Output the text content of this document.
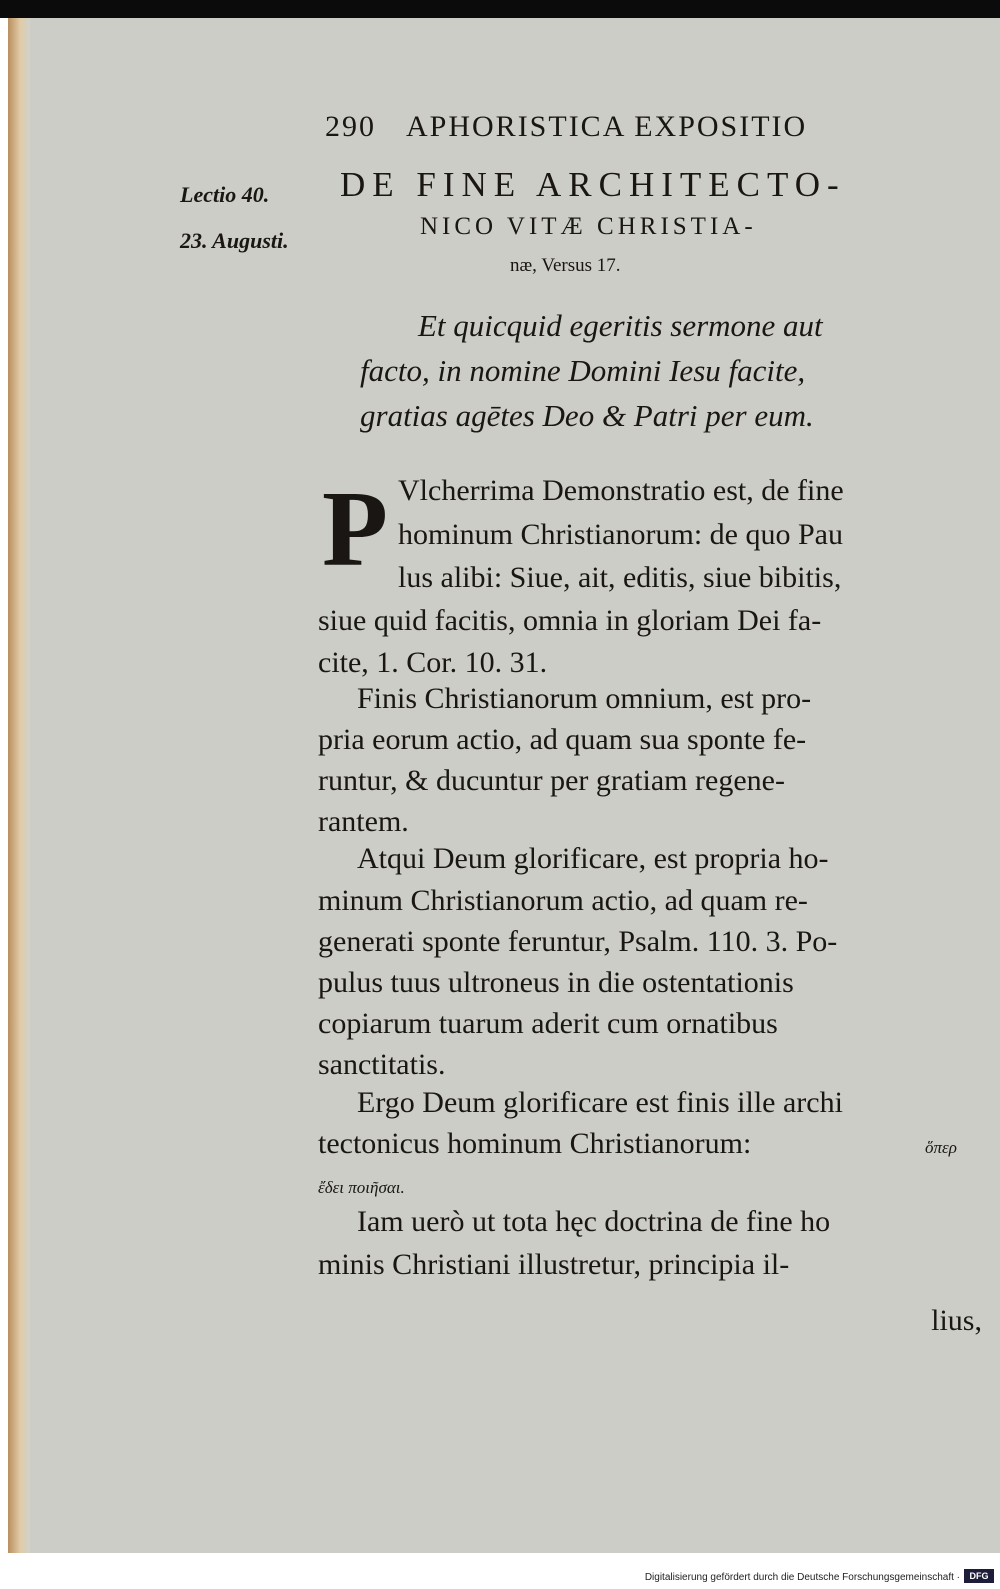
290 APHORISTICA EXPOSITIO
Lectio 40.
23. Augusti.
DE FINE ARCHITECTO-
NICO VITÆ CHRISTIA-
næ, Versus 17.
Et quicquid egeritis sermone aut
facto, in nomine Domini Iesu facite,
gratias agētes Deo & Patri per eum.
P Vlcherrima Demonstratio est, de fine
hominum Christianorum: de quo Pau
lus alibi: Siue, ait, editis, siue bibitis,
siue quid facitis, omnia in gloriam Dei fa-
cite, 1. Cor. 10. 31.
Finis Christianorum omnium, est pro-
pria eorum actio, ad quam sua sponte fe-
runtur, & ducuntur per gratiam regene-
rantem.
Atqui Deum glorificare, est propria ho-
minum Christianorum actio, ad quam re-
generati sponte feruntur, Psalm. 110. 3. Po-
pulus tuus ultroneus in die ostentationis
copiarum tuarum aderit cum ornatibus
sanctitatis.
Ergo Deum glorificare est finis ille archi
tectonicus hominum Christianorum:	ὅπερ
ἔδει ποιῆσαι.
Iam uerò ut tota hęc doctrina de fine ho
minis Christiani illustretur, principia il-
lius,
Digitalisierung gefördert durch die Deutsche Forschungsgemeinschaft ·	DFG
